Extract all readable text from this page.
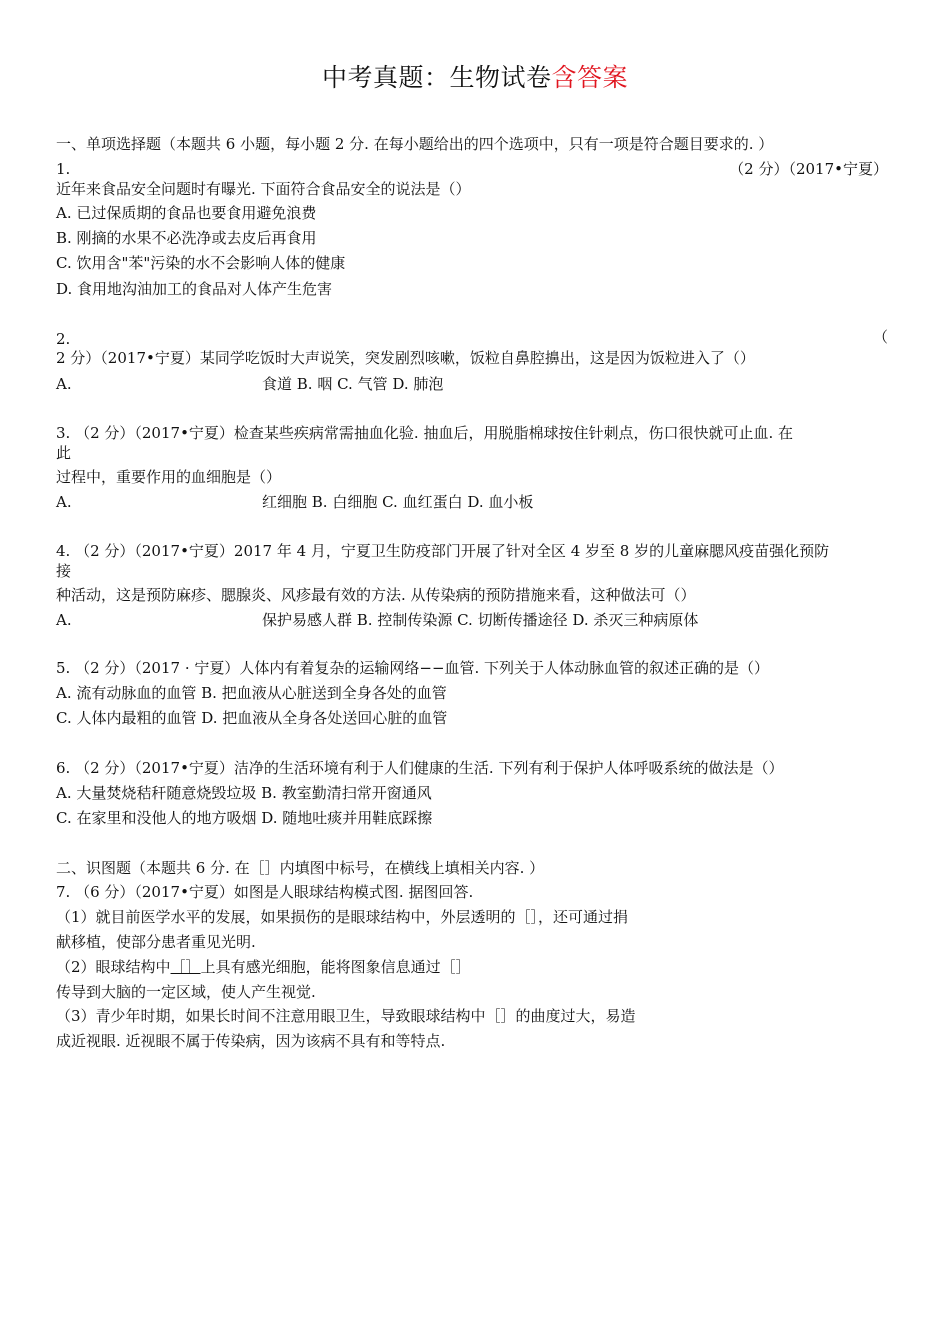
中考真题：生物试卷含答案
一、单项选择题（本题共 6 小题，每小题 2 分. 在每小题给出的四个选项中，只有一项是符合题目要求的. ）
1.	（2 分）（2017•宁夏）
近年来食品安全问题时有曝光. 下面符合食品安全的说法是（）
A. 已过保质期的食品也要食用避免浪费
B. 刚摘的水果不必洗净或去皮后再食用
C. 饮用含"苯"污染的水不会影响人体的健康
D. 食用地沟油加工的食品对人体产生危害
2.	（
2 分）（2017•宁夏）某同学吃饭时大声说笑，突发剧烈咳嗽，饭粒自鼻腔擤出，这是因为饭粒进入了（）
A.	食道 B. 咽 C. 气管 D. 肺泡
3. （2 分）（2017•宁夏）检查某些疾病常需抽血化验. 抽血后，用脱脂棉球按住针刺点，伤口很快就可止血. 在
此
过程中，重要作用的血细胞是（）
A.	红细胞 B. 白细胞 C. 血红蛋白 D. 血小板
4. （2 分）（2017•宁夏）2017 年 4 月，宁夏卫生防疫部门开展了针对全区 4 岁至 8 岁的儿童麻腮风疫苗强化预防
接
种活动，这是预防麻疹、腮腺炎、风疹最有效的方法. 从传染病的预防措施来看，这种做法可（）
A.	保护易感人群 B. 控制传染源 C. 切断传播途径 D. 杀灭三种病原体
5. （2 分）（2017 · 宁夏）人体内有着复杂的运输网络−−血管. 下列关于人体动脉血管的叙述正确的是（）
A. 流有动脉血的血管 B. 把血液从心脏送到全身各处的血管
C. 人体内最粗的血管 D. 把血液从全身各处送回心脏的血管
6. （2 分）（2017•宁夏）洁净的生活环境有利于人们健康的生活. 下列有利于保护人体呼吸系统的做法是（）
A. 大量焚烧秸秆随意烧毁垃圾 B. 教室勤清扫常开窗通风
C. 在家里和没他人的地方吸烟 D. 随地吐痰并用鞋底踩擦
二、识图题（本题共 6 分. 在［］内填图中标号，在横线上填相关内容. ）
7. （6 分）（2017•宁夏）如图是人眼球结构模式图. 据图回答.
（1）就目前医学水平的发展，如果损伤的是眼球结构中，外层透明的［］，还可通过捐
献移植，使部分患者重见光明.
（2）眼球结构中［］上具有感光细胞，能将图象信息通过［］
传导到大脑的一定区域，使人产生视觉.
（3）青少年时期，如果长时间不注意用眼卫生，导致眼球结构中［］的曲度过大，易造
成近视眼. 近视眼不属于传染病，因为该病不具有和等特点.
